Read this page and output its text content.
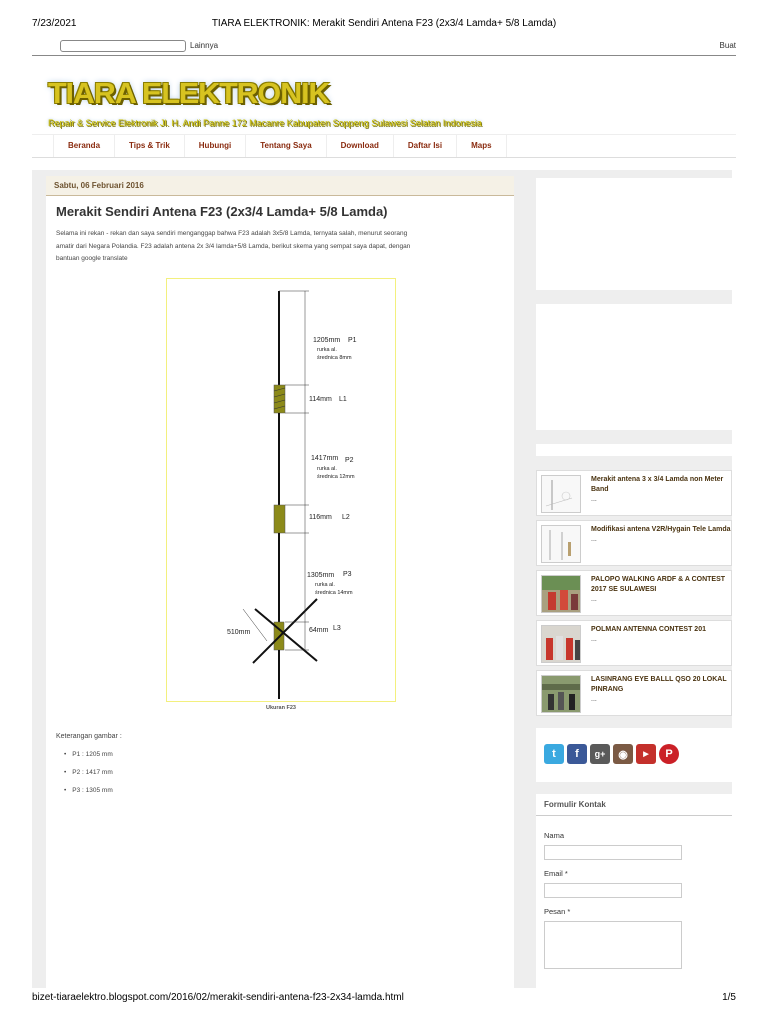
7/23/2021	TIARA ELEKTRONIK: Merakit Sendiri Antena F23 (2x3/4 Lamda+ 5/8 Lamda)
Lainnya	Buat
TIARA ELEKTRONIK
Repair & Service Elektronik Jl. H. Andi Panne 172 Macanre Kabupaten Soppeng Sulawesi Selatan Indonesia
Beranda	Tips & Trik	Hubungi	Tentang Saya	Download	Daftar Isi	Maps
Sabtu, 06 Februari 2016
Merakit Sendiri Antena F23 (2x3/4 Lamda+ 5/8 Lamda)
Selama ini rekan - rekan dan saya sendiri menganggap bahwa F23 adalah 3x5/8 Lamda, ternyata salah, menurut seorang
amatir dari Negara Polandia. F23 adalah antena 2x 3/4 lamda+5/8 Lamda, berikut skema yang sempat saya dapat, dengan
bantuan google translate
1205mm P1
rurka al.
średnica 8mm
114mm L1
1417mm P2
rurka al.
średnica 12mm
116mm L2
1305mm P3
rurka al.
średnica 14mm
510mm	64mm L3
Ukuran F23
Keterangan gambar :
• P1 : 1205 mm
• P2 : 1417 mm
• P3 : 1305 mm
Merakit antena 3 x 3/4 Lamda non Meter Band
...
Modifikasi antena V2R/Hygain Tele Lamda
...
PALOPO WALKING ARDF & A CONTEST 2017 SE SULAWESI
...
POLMAN ANTENNA CONTEST 201
...
LASINRANG EYE BALLL QSO 20 LOKAL PINRANG
...
t	f	g+	◉	▶	P
Formulir Kontak
Nama
Email *
Pesan *
bizet-tiaraelektro.blogspot.com/2016/02/merakit-sendiri-antena-f23-2x34-lamda.html	1/5
